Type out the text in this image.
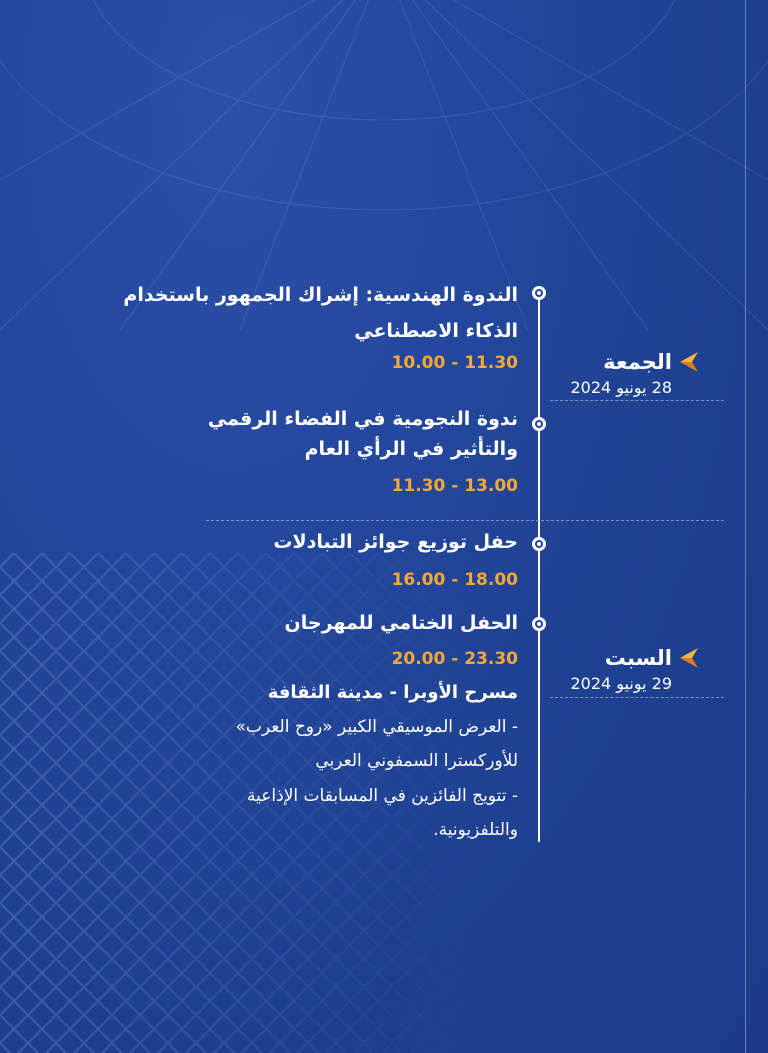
الجمعة
28 يونيو 2024
السبت
29 يونيو 2024
الندوة الهندسية: إشراك الجمهور باستخدام
الذكاء الاصطناعي
10.00 - 11.30
ندوة النجومية في الفضاء الرقمي
والتأثير في الرأي العام
11.30 - 13.00
حفل توزيع جوائز التبادلات
16.00 - 18.00
الحفل الختامي للمهرجان
20.00 - 23.30
مسرح الأوبرا - مدينة الثقافة
- العرض الموسيقي الكبير «روح العرب»
للأوركسترا السمفوني العربي
- تتويج الفائزين في المسابقات الإذاعية
والتلفزيونية.
